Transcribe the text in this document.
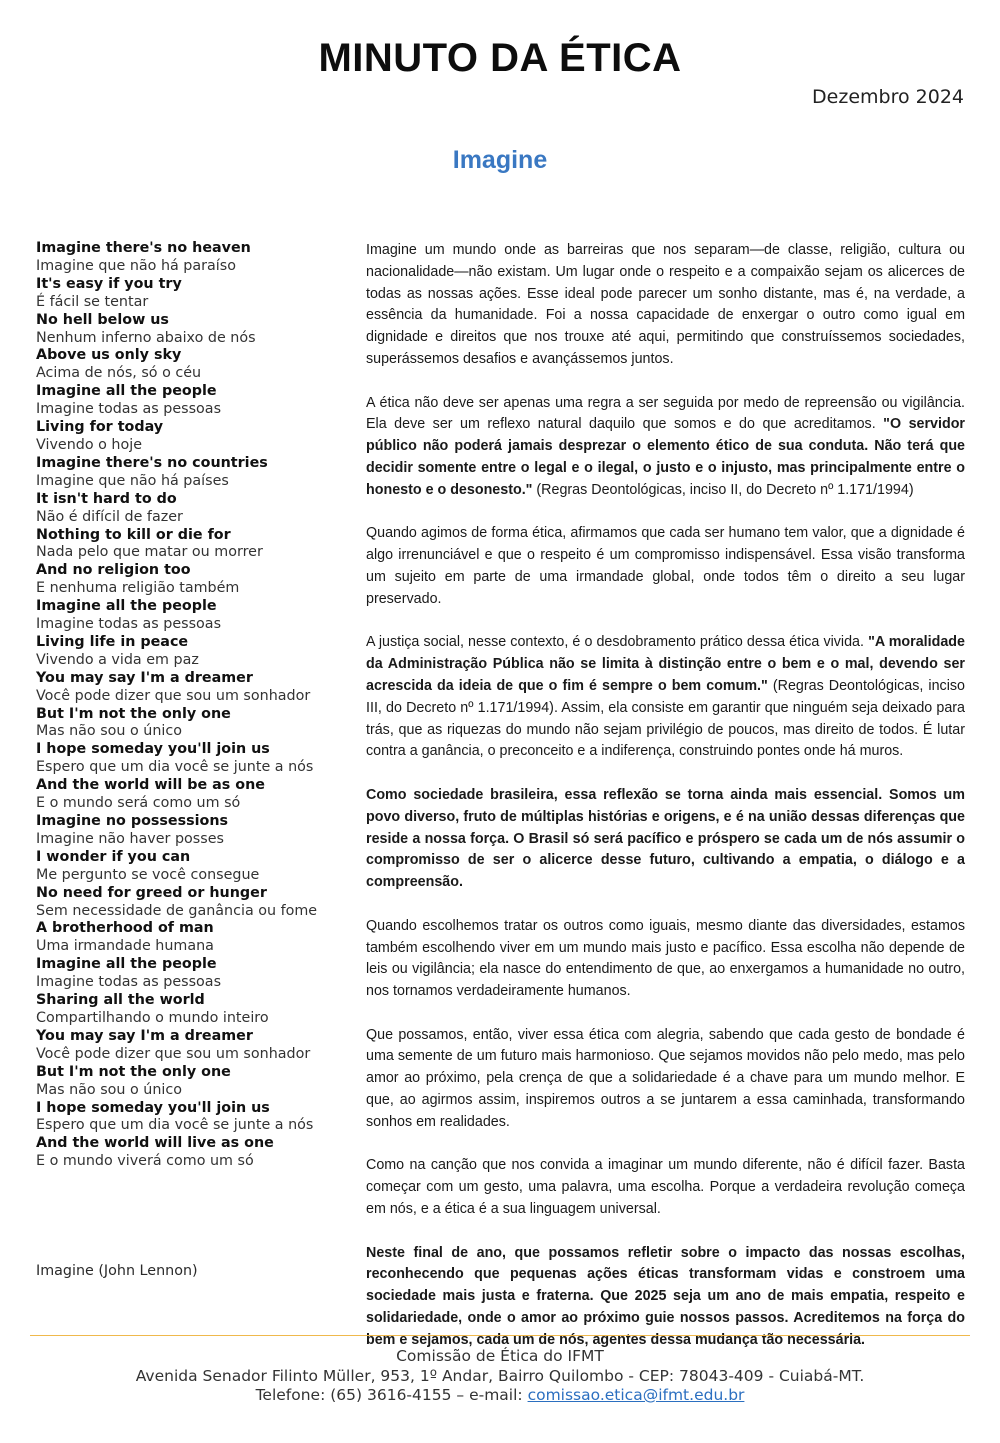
MINUTO DA ÉTICA
Dezembro 2024
Imagine
Imagine there's no heaven
Imagine que não há paraíso
It's easy if you try
É fácil se tentar
No hell below us
Nenhum inferno abaixo de nós
Above us only sky
Acima de nós, só o céu
Imagine all the people
Imagine todas as pessoas
Living for today
Vivendo o hoje
Imagine there's no countries
Imagine que não há países
It isn't hard to do
Não é difícil de fazer
Nothing to kill or die for
Nada pelo que matar ou morrer
And no religion too
E nenhuma religião também
Imagine all the people
Imagine todas as pessoas
Living life in peace
Vivendo a vida em paz
You may say I'm a dreamer
Você pode dizer que sou um sonhador
But I'm not the only one
Mas não sou o único
I hope someday you'll join us
Espero que um dia você se junte a nós
And the world will be as one
E o mundo será como um só
Imagine no possessions
Imagine não haver posses
I wonder if you can
Me pergunto se você consegue
No need for greed or hunger
Sem necessidade de ganância ou fome
A brotherhood of man
Uma irmandade humana
Imagine all the people
Imagine todas as pessoas
Sharing all the world
Compartilhando o mundo inteiro
You may say I'm a dreamer
Você pode dizer que sou um sonhador
But I'm not the only one
Mas não sou o único
I hope someday you'll join us
Espero que um dia você se junte a nós
And the world will live as one
E o mundo viverá como um só
Imagine (John Lennon)

Imagine um mundo onde as barreiras que nos separam—de classe, religião, cultura ou nacionalidade—não existam. Um lugar onde o respeito e a compaixão sejam os alicerces de todas as nossas ações. Esse ideal pode parecer um sonho distante, mas é, na verdade, a essência da humanidade. Foi a nossa capacidade de enxergar o outro como igual em dignidade e direitos que nos trouxe até aqui, permitindo que construíssemos sociedades, superássemos desafios e avançássemos juntos.

A ética não deve ser apenas uma regra a ser seguida por medo de repreensão ou vigilância. Ela deve ser um reflexo natural daquilo que somos e do que acreditamos. "O servidor público não poderá jamais desprezar o elemento ético de sua conduta. Não terá que decidir somente entre o legal e o ilegal, o justo e o injusto, mas principalmente entre o honesto e o desonesto." (Regras Deontológicas, inciso II, do Decreto nº 1.171/1994)

Quando agimos de forma ética, afirmamos que cada ser humano tem valor, que a dignidade é algo irrenunciável e que o respeito é um compromisso indispensável. Essa visão transforma um sujeito em parte de uma irmandade global, onde todos têm o direito a seu lugar preservado.

A justiça social, nesse contexto, é o desdobramento prático dessa ética vivida. "A moralidade da Administração Pública não se limita à distinção entre o bem e o mal, devendo ser acrescida da ideia de que o fim é sempre o bem comum." (Regras Deontológicas, inciso III, do Decreto nº 1.171/1994). Assim, ela consiste em garantir que ninguém seja deixado para trás, que as riquezas do mundo não sejam privilégio de poucos, mas direito de todos. É lutar contra a ganância, o preconceito e a indiferença, construindo pontes onde há muros.

Como sociedade brasileira, essa reflexão se torna ainda mais essencial. Somos um povo diverso, fruto de múltiplas histórias e origens, e é na união dessas diferenças que reside a nossa força. O Brasil só será pacífico e próspero se cada um de nós assumir o compromisso de ser o alicerce desse futuro, cultivando a empatia, o diálogo e a compreensão.

Quando escolhemos tratar os outros como iguais, mesmo diante das diversidades, estamos também escolhendo viver em um mundo mais justo e pacífico. Essa escolha não depende de leis ou vigilância; ela nasce do entendimento de que, ao enxergamos a humanidade no outro, nos tornamos verdadeiramente humanos.

Que possamos, então, viver essa ética com alegria, sabendo que cada gesto de bondade é uma semente de um futuro mais harmonioso. Que sejamos movidos não pelo medo, mas pelo amor ao próximo, pela crença de que a solidariedade é a chave para um mundo melhor. E que, ao agirmos assim, inspiremos outros a se juntarem a essa caminhada, transformando sonhos em realidades.

Como na canção que nos convida a imaginar um mundo diferente, não é difícil fazer. Basta começar com um gesto, uma palavra, uma escolha. Porque a verdadeira revolução começa em nós, e a ética é a sua linguagem universal.

Neste final de ano, que possamos refletir sobre o impacto das nossas escolhas, reconhecendo que pequenas ações éticas transformam vidas e constroem uma sociedade mais justa e fraterna. Que 2025 seja um ano de mais empatia, respeito e solidariedade, onde o amor ao próximo guie nossos passos. Acreditemos na força do bem e sejamos, cada um de nós, agentes dessa mudança tão necessária.

Comissão de Ética do IFMT
Avenida Senador Filinto Müller, 953, 1º Andar, Bairro Quilombo - CEP: 78043-409 - Cuiabá-MT.
Telefone: (65) 3616-4155 – e-mail: comissao.etica@ifmt.edu.br
